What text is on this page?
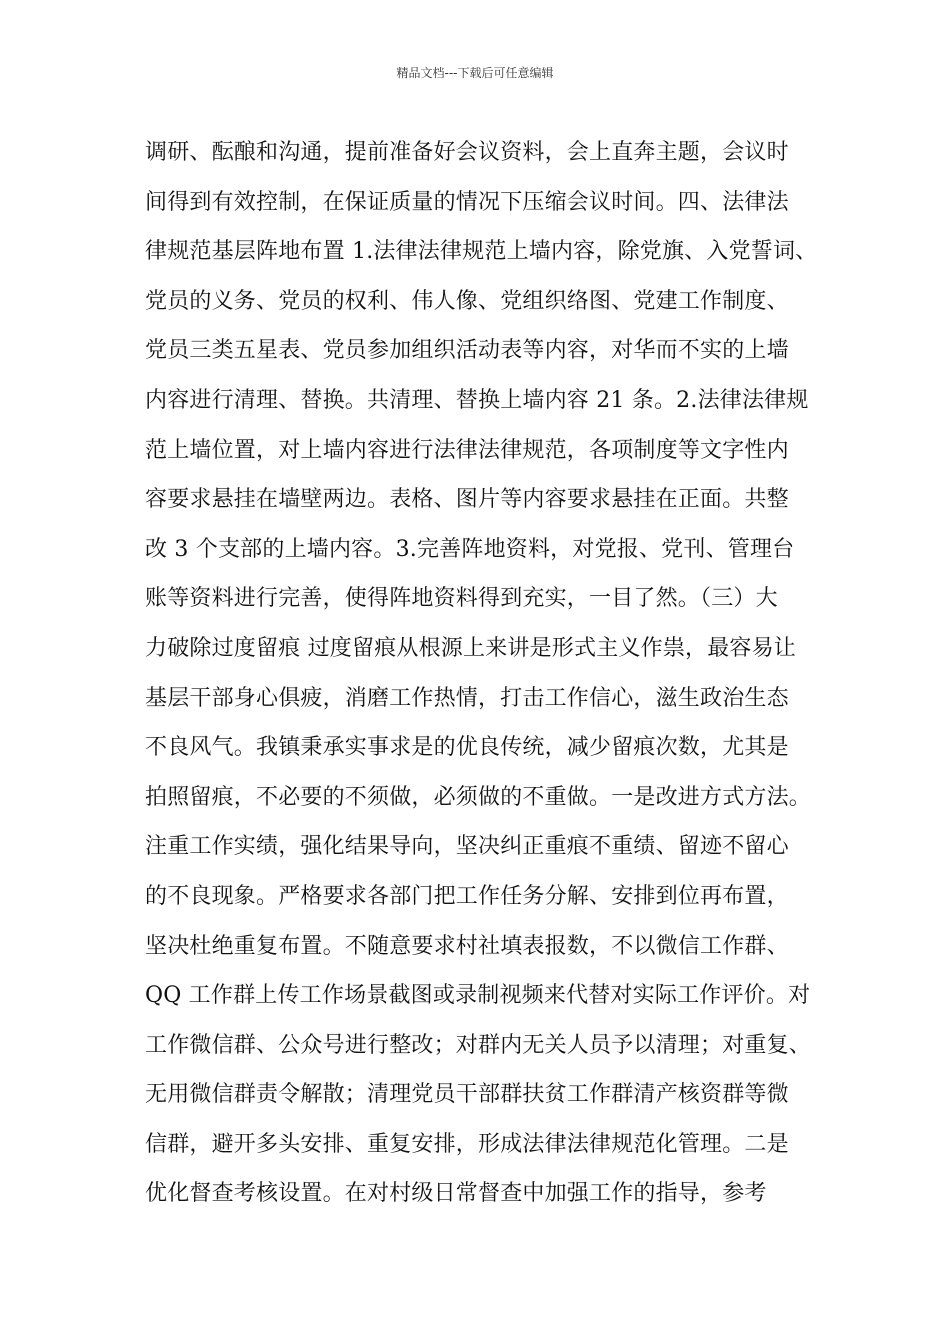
精品文档---下载后可任意编辑
调研、酝酿和沟通，提前准备好会议资料，会上直奔主题，会议时
间得到有效控制，在保证质量的情况下压缩会议时间。四、法律法
律规范基层阵地布置 1.法律法律规范上墙内容，除党旗、入党誓词、
党员的义务、党员的权利、伟人像、党组织络图、党建工作制度、
党员三类五星表、党员参加组织活动表等内容，对华而不实的上墙
内容进行清理、替换。共清理、替换上墙内容 21 条。2.法律法律规
范上墙位置，对上墙内容进行法律法律规范，各项制度等文字性内
容要求悬挂在墙壁两边。表格、图片等内容要求悬挂在正面。共整
改 3 个支部的上墙内容。3.完善阵地资料，对党报、党刊、管理台
账等资料进行完善，使得阵地资料得到充实，一目了然。（三）大
力破除过度留痕 过度留痕从根源上来讲是形式主义作祟，最容易让
基层干部身心俱疲，消磨工作热情，打击工作信心，滋生政治生态
不良风气。我镇秉承实事求是的优良传统，减少留痕次数，尤其是
拍照留痕，不必要的不须做，必须做的不重做。一是改进方式方法。
注重工作实绩，强化结果导向，坚决纠正重痕不重绩、留迹不留心
的不良现象。严格要求各部门把工作任务分解、安排到位再布置，
坚决杜绝重复布置。不随意要求村社填表报数，不以微信工作群、
QQ 工作群上传工作场景截图或录制视频来代替对实际工作评价。对
工作微信群、公众号进行整改；对群内无关人员予以清理；对重复、
无用微信群责令解散；清理党员干部群扶贫工作群清产核资群等微
信群，避开多头安排、重复安排，形成法律法律规范化管理。二是
优化督查考核设置。在对村级日常督查中加强工作的指导，参考
